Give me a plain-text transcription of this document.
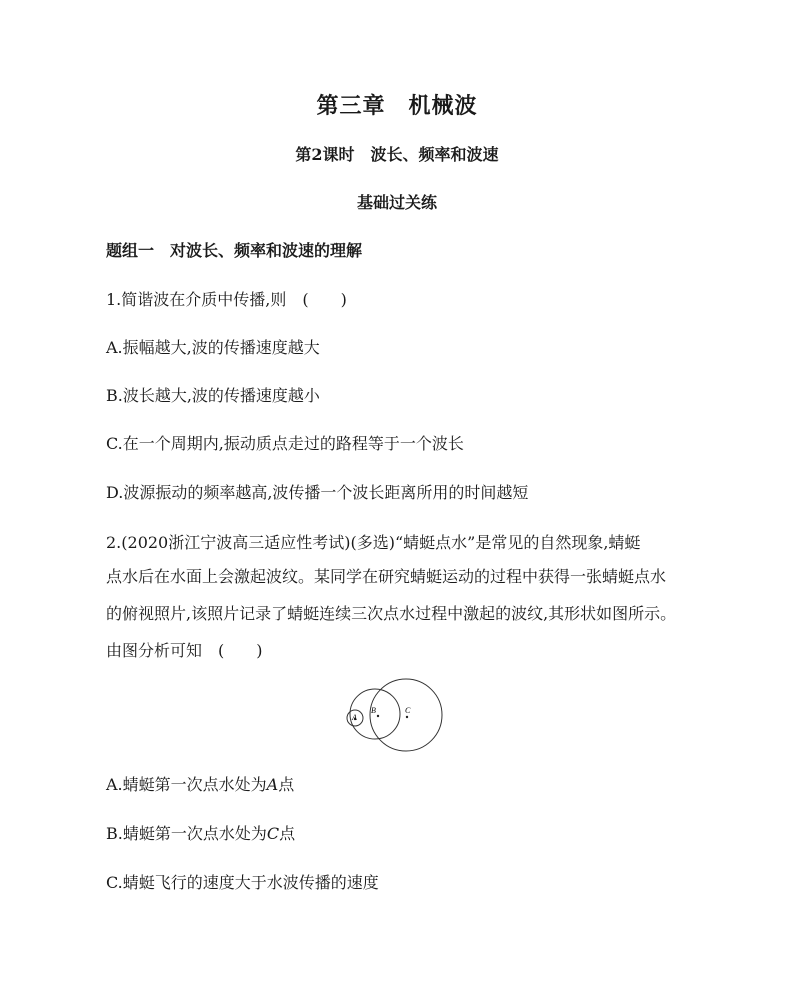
第三章　机械波
第2课时　波长、频率和波速
基础过关练
题组一　对波长、频率和波速的理解
1.简谐波在介质中传播,则　(　　)
A.振幅越大,波的传播速度越大
B.波长越大,波的传播速度越小
C.在一个周期内,振动质点走过的路程等于一个波长
D.波源振动的频率越高,波传播一个波长距离所用的时间越短
2.(2020浙江宁波高三适应性考试)(多选)“蜻蜓点水”是常见的自然现象,蜻蜓
点水后在水面上会激起波纹。某同学在研究蜻蜓运动的过程中获得一张蜻蜓点水
的俯视照片,该照片记录了蜻蜓连续三次点水过程中激起的波纹,其形状如图所示。
由图分析可知　(　　)
A
B	C
A.蜻蜓第一次点水处为A点
B.蜻蜓第一次点水处为C点
C.蜻蜓飞行的速度大于水波传播的速度
